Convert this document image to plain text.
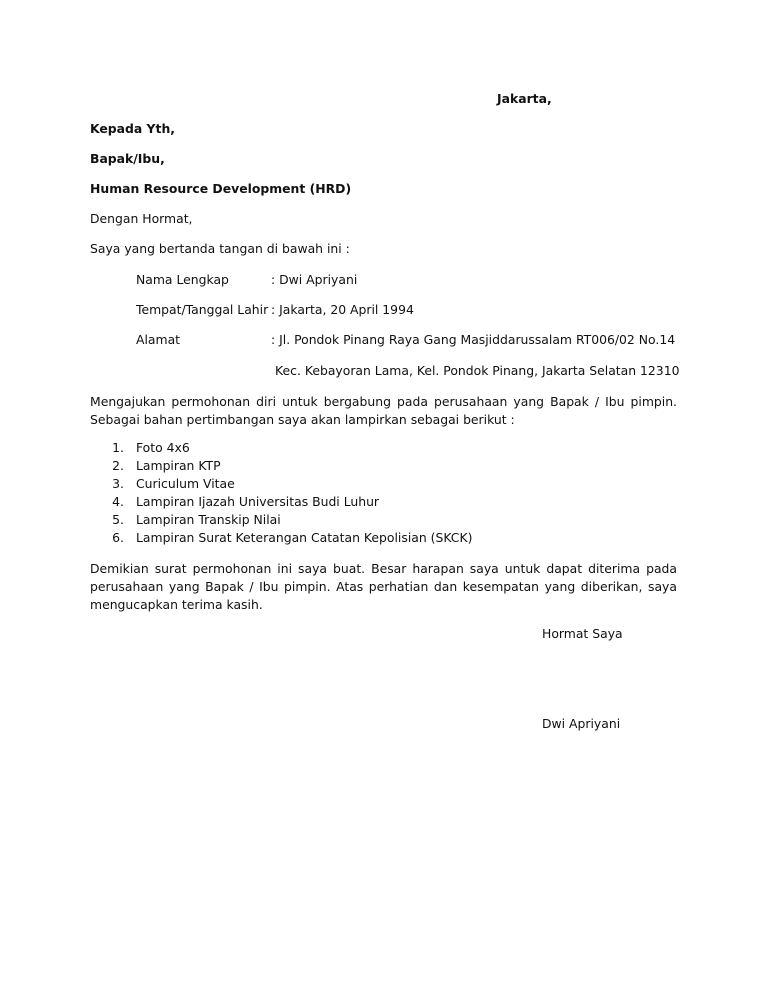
Jakarta,
Kepada Yth,
Bapak/Ibu,
Human Resource Development (HRD)
Dengan Hormat,
Saya yang bertanda tangan di bawah ini :
Nama Lengkap	: Dwi Apriyani
Tempat/Tanggal Lahir : Jakarta, 20 April 1994
Alamat	: Jl. Pondok Pinang Raya Gang Masjiddarussalam RT006/02 No.14
Kec. Kebayoran Lama, Kel. Pondok Pinang, Jakarta Selatan 12310
Mengajukan permohonan diri untuk bergabung pada perusahaan yang Bapak / Ibu pimpin. Sebagai bahan pertimbangan saya akan lampirkan sebagai berikut :
1. Foto 4x6
2. Lampiran KTP
3. Curiculum Vitae
4. Lampiran Ijazah Universitas Budi Luhur
5. Lampiran Transkip Nilai
6. Lampiran Surat Keterangan Catatan Kepolisian (SKCK)
Demikian surat permohonan ini saya buat. Besar harapan saya untuk dapat diterima pada perusahaan yang Bapak / Ibu pimpin. Atas perhatian dan kesempatan yang diberikan, saya mengucapkan terima kasih.
Hormat Saya
Dwi Apriyani
